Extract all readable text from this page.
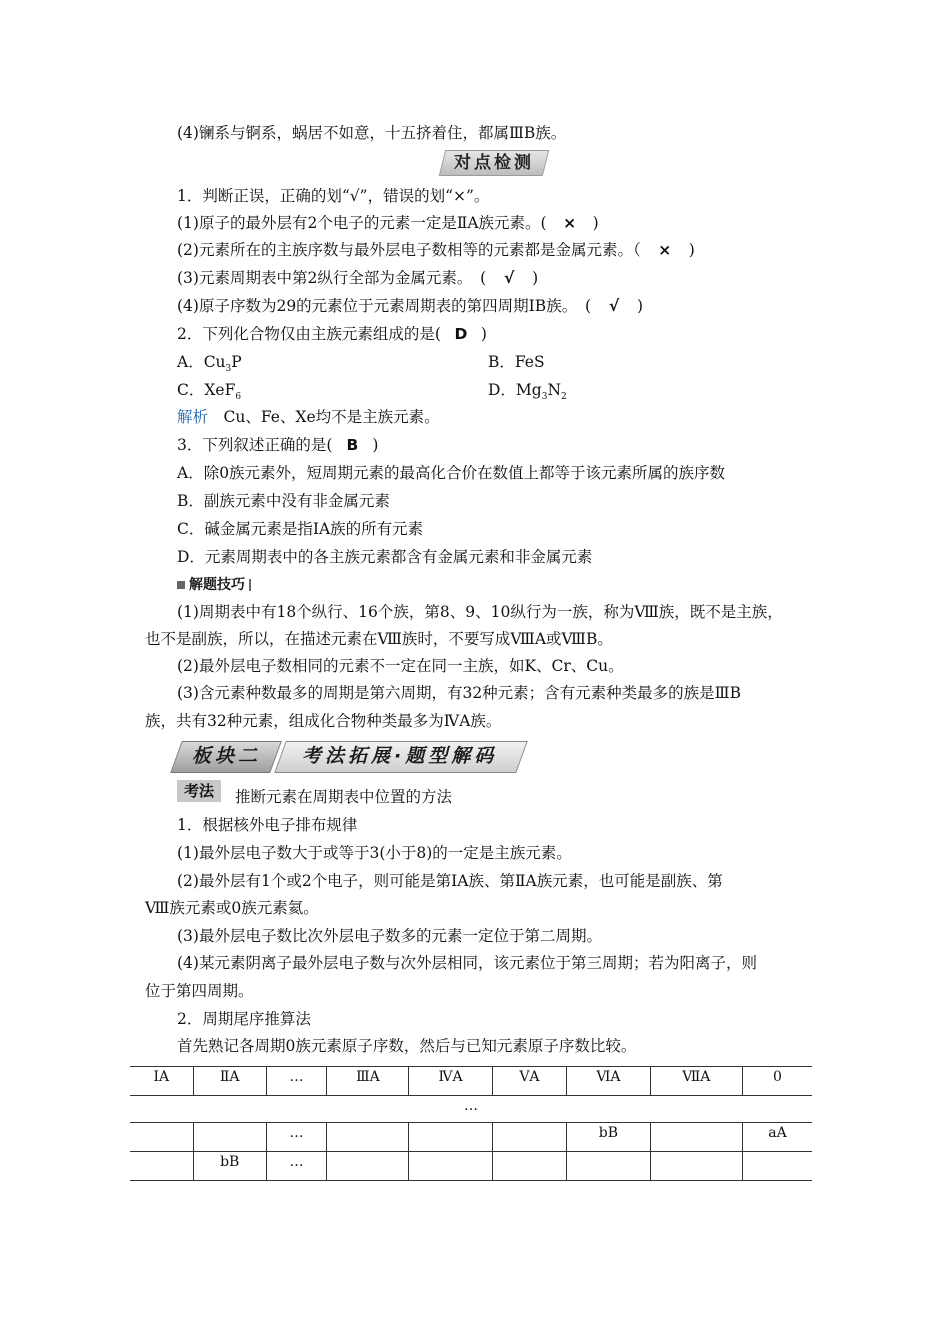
(4)镧系与锕系，蜗居不如意，十五挤着住，都属ⅢB族。
对点检测
1．判断正误，正确的划“√”，错误的划“×”。
(1)原子的最外层有2个电子的元素一定是ⅡA族元素。( × )
(2)元素所在的主族序数与最外层电子数相等的元素都是金属元素。（ × )
(3)元素周期表中第2纵行全部为金属元素。　( √ )
(4)原子序数为29的元素位于元素周期表的第四周期ⅠB族。　( √ )
2．下列化合物仅由主族元素组成的是( D )
A．$Cu_3P$	B．FeS
C．XeF$_6$	D．$Mg_3N_2$
解析　 Cu、Fe、Xe均不是主族元素。
3．下列叙述正确的是( B )
A．除0族元素外，短周期元素的最高化合价在数值上都等于该元素所属的族序数
B．副族元素中没有非金属元素
C．碱金属元素是指ⅠA族的所有元素
D．元素周期表中的各主族元素都含有金属元素和非金属元素
解题技巧
(1)周期表中有18个纵行、16个族，第8、9、10纵行为一族，称为Ⅷ族，既不是主族，
也不是副族，所以，在描述元素在Ⅷ族时，不要写成ⅧA或ⅧB。
(2)最外层电子数相同的元素不一定在同一主族，如K、Cr、Cu。
(3)含元素种数最多的周期是第六周期，有32种元素；含有元素种类最多的族是ⅢB
族，共有32种元素，组成化合物种类最多为ⅣA族。
板块二 考法拓展·题型解码
考法	推断元素在周期表中位置的方法
1．根据核外电子排布规律
(1)最外层电子数大于或等于3(小于8)的一定是主族元素。
(2)最外层有1个或2个电子，则可能是第ⅠA族、第ⅡA族元素，也可能是副族、第
Ⅷ族元素或0族元素氦。
(3)最外层电子数比次外层电子数多的元素一定位于第二周期。
(4)某元素阴离子最外层电子数与次外层相同，该元素位于第三周期；若为阳离子，则
位于第四周期。
2．周期尾序推算法
首先熟记各周期0族元素原子序数，然后与已知元素原子序数比较。
ⅠA	ⅡA	…	ⅢA	ⅣA	ⅤA	ⅥA	ⅦA	0
…								
		…				bB		aA
	bB	…						
